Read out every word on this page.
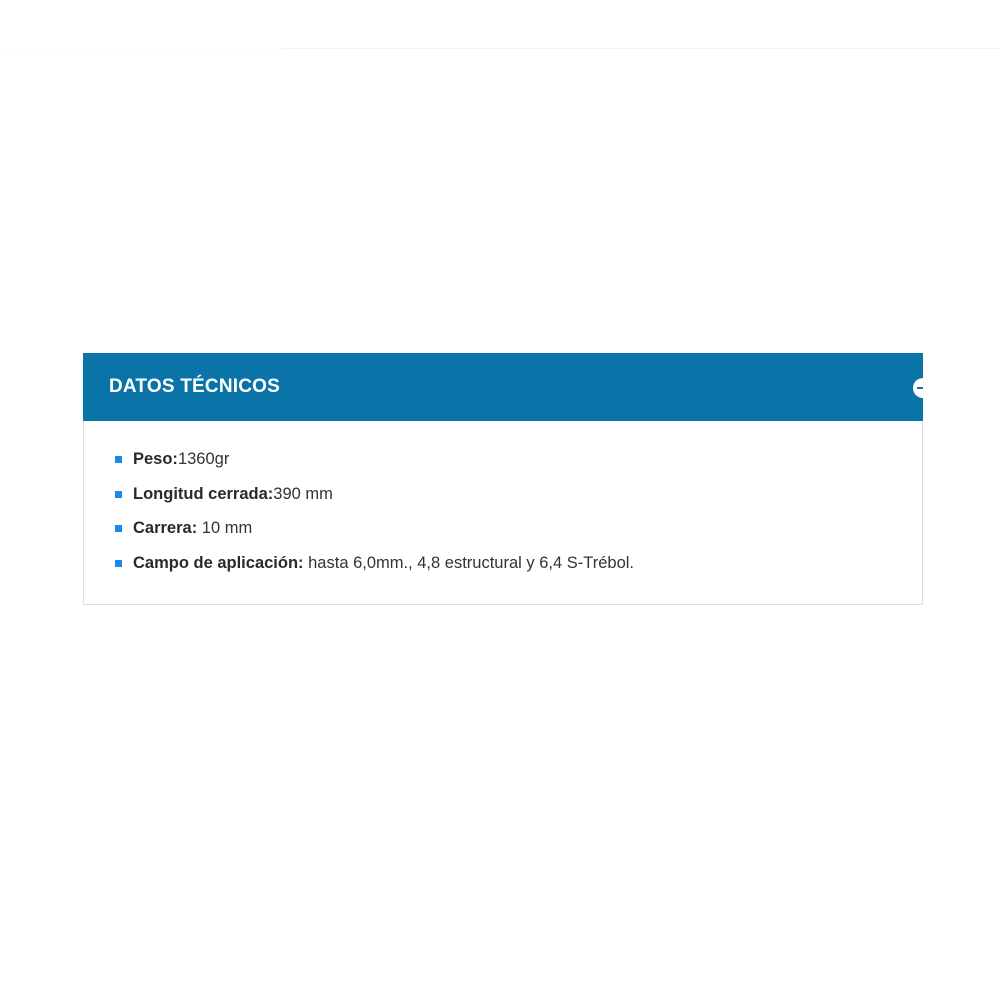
DATOS TÉCNICOS
Peso:1360gr
Longitud cerrada:390 mm
Carrera: 10 mm
Campo de aplicación: hasta 6,0mm., 4,8 estructural y 6,4 S-Trébol.
